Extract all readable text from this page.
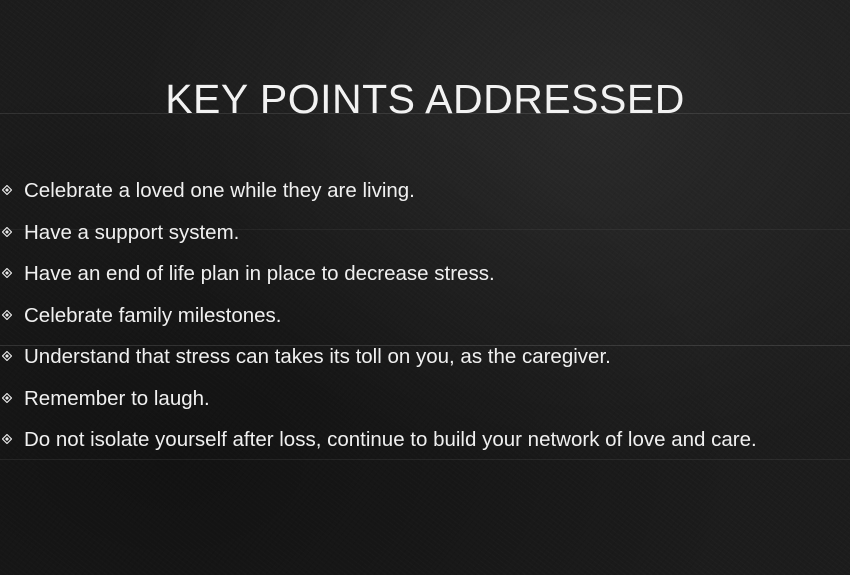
KEY POINTS ADDRESSED
Celebrate a loved one while they are living.
Have a support system.
Have an end of life plan in place to decrease stress.
Celebrate family milestones.
Understand that stress can takes its toll on you, as the caregiver.
Remember to laugh.
Do not isolate yourself after loss, continue to build your network of love and care.
